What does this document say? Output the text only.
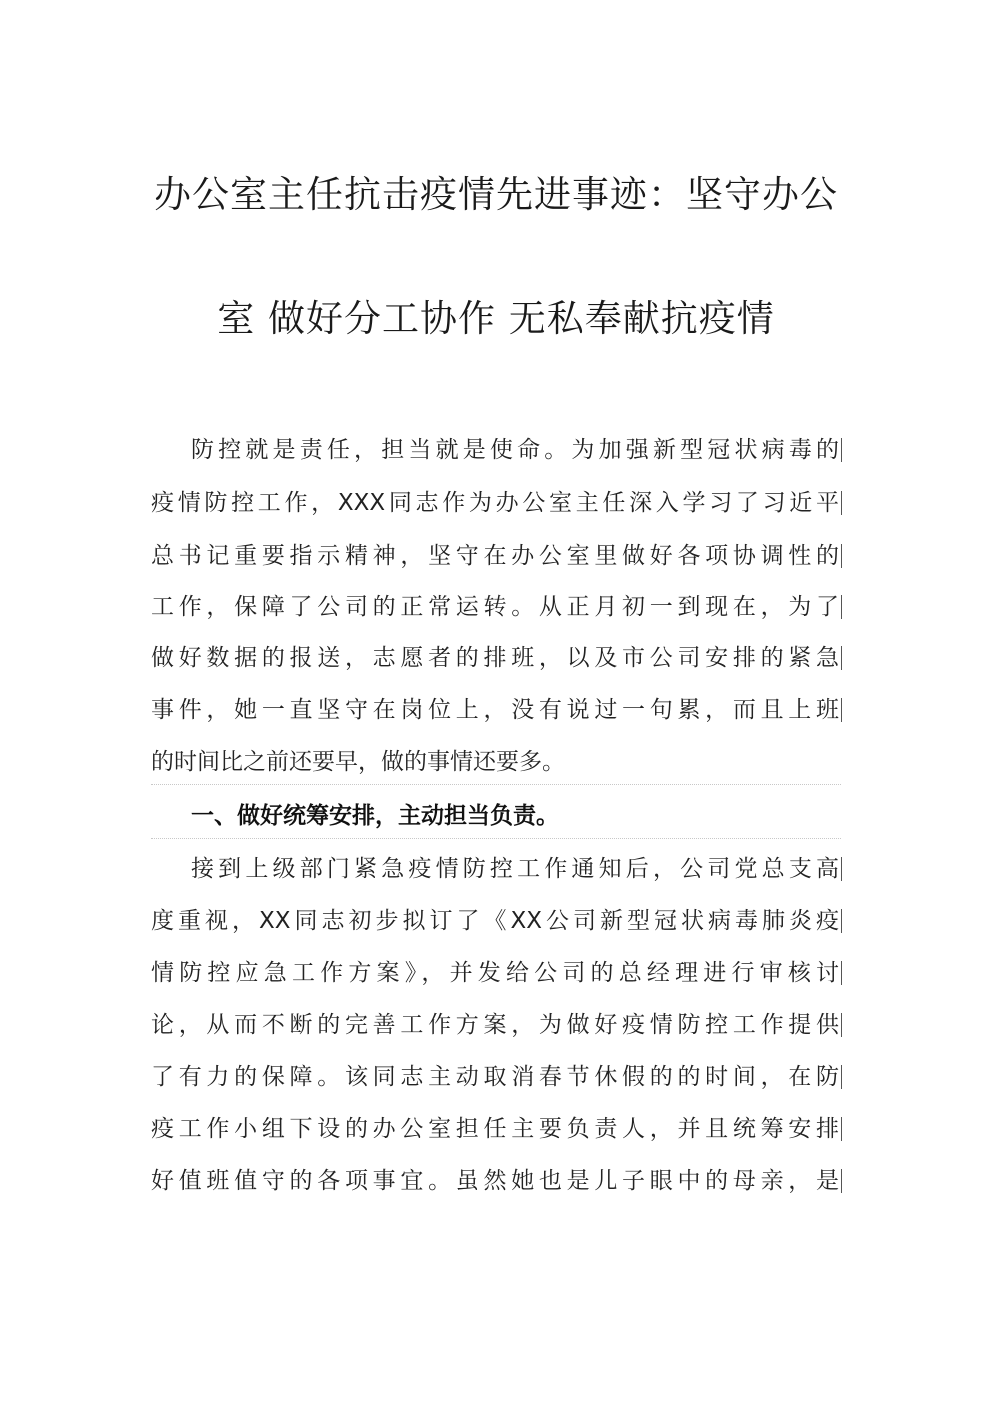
办公室主任抗击疫情先进事迹：坚守办公
室 做好分工协作 无私奉献抗疫情
防控就是责任，担当就是使命。为加强新型冠状病毒的
疫情防控工作，XXX同志作为办公室主任深入学习了习近平
总书记重要指示精神，坚守在办公室里做好各项协调性的
工作，保障了公司的正常运转。从正月初一到现在，为了
做好数据的报送，志愿者的排班，以及市公司安排的紧急
事件，她一直坚守在岗位上，没有说过一句累，而且上班
的时间比之前还要早，做的事情还要多。
一、做好统筹安排，主动担当负责。
接到上级部门紧急疫情防控工作通知后，公司党总支高
度重视，XX同志初步拟订了《XX公司新型冠状病毒肺炎疫
情防控应急工作方案》，并发给公司的总经理进行审核讨
论，从而不断的完善工作方案，为做好疫情防控工作提供
了有力的保障。该同志主动取消春节休假的的时间，在防
疫工作小组下设的办公室担任主要负责人，并且统筹安排
好值班值守的各项事宜。虽然她也是儿子眼中的母亲，是
